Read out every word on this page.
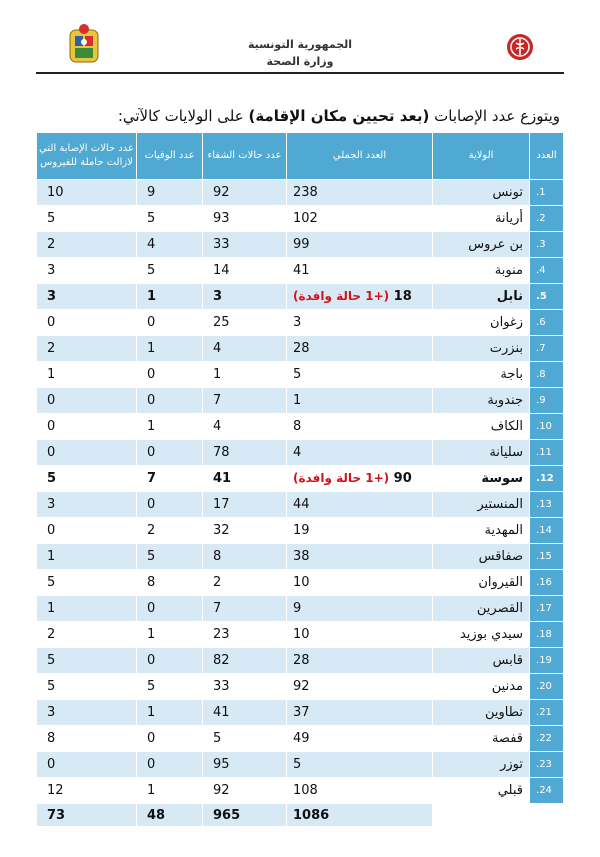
الجمهورية التونسية
وزارة الصحة
ويتوزع عدد الإصابات (بعد تحيين مكان الإقامة) على الولايات كالآتي:
العدد	الولاية	العدد الجملي	عدد حالات الشفاء	عدد الوفيات	عدد حالات الإصابة التي لازالت حاملة للفيروس
1.	تونس	238	92	9	10
2.	أريانة	102	93	5	5
3.	بن عروس	99	33	4	2
4.	منوبة	41	14	5	3
5.	نابل	18 (+1 حالة وافدة)	3	1	3
6.	زغوان	3	25	0	0
7.	بنزرت	28	4	1	2
8.	باجة	5	1	0	1
9.	جندوبة	1	7	0	0
10.	الكاف	8	4	1	0
11.	سليانة	4	78	0	0
12.	سوسة	90 (+1 حالة وافدة)	41	7	5
13.	المنستير	44	17	0	3
14.	المهدية	19	32	2	0
15.	صفاقس	38	8	5	1
16.	القيروان	10	2	8	5
17.	القصرين	9	7	0	1
18.	سيدي بوزيد	10	23	1	2
19.	قابس	28	82	0	5
20.	مدنين	92	33	5	5
21.	تطاوين	37	41	1	3
22.	قفصة	49	5	0	8
23.	توزر	5	95	0	0
24.	قبلي	108	92	1	12
		1086	965	48	73
